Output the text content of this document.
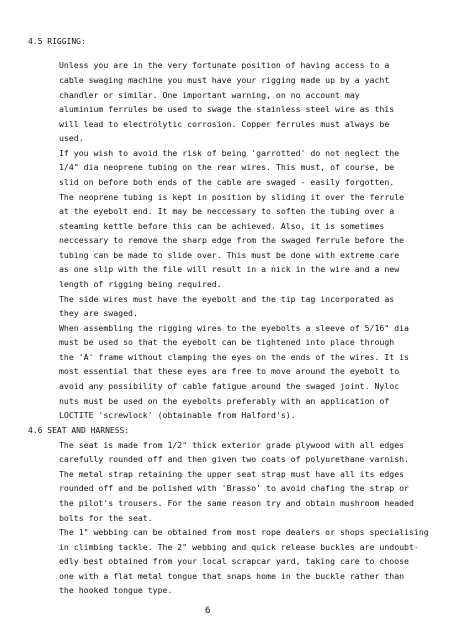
4.5 RIGGING:
Unless you are in the very fortunate position of having access to a
cable swaging machine you must have your rigging made up by a yacht
chandler or similar. One important warning, on no account may
aluminium ferrules be used to swage the stainless steel wire as this
will lead to electrolytic corrosion. Copper ferrules must always be
used.
If you wish to avoid the risk of being 'garrotted' do not neglect the
1/4" dia neoprene tubing on the rear wires. This must, of course, be
slid on before both ends of the cable are swaged - easily forgotten.
The neoprene tubing is kept in position by sliding it over the ferrule
at the eyebolt end. It may be neccessary to soften the tubing over a
steaming kettle before this can be achieved. Also, it is sometimes
neccessary to remove the sharp edge from the swaged ferrule before the
tubing can be made to slide over. This must be done with extreme care
as one slip with the file will result in a nick in the wire and a new
length of rigging being required.
The side wires must have the eyebolt and the tip tag incorporated as
they are swaged.
When assembling the rigging wires to the eyebolts a sleeve of 5/16" dia
must be used so that the eyebolt can be tightened into place through
the 'A' frame without clamping the eyes on the ends of the wires. It is
most essential that these eyes are free to move around the eyebolt to
avoid any possibility of cable fatigue around the swaged joint. Nyloc
nuts must be used on the eyebolts preferably with an application of
LOCTITE 'screwlock' (obtainable from Halford's).
4.6 SEAT AND HARNESS:
The seat is made from 1/2" thick exterior grade plywood with all edges
carefully rounded off and then given two coats of polyurethane varnish.
The metal strap retaining the upper seat strap must have all its edges
rounded off and be polished with 'Brasso' to avoid chafing the strap or
the pilot's trousers. For the same reason try and obtain mushroom headed
bolts for the seat.
The 1" webbing can be obtained from most rope dealers or shops specialising
in climbing tackle. The 2" webbing and quick release buckles are undoubt-
edly best obtained from your local scrapcar yard, taking care to choose
one with a flat metal tongue that snaps home in the buckle rather than
the hooked tongue type.
6
